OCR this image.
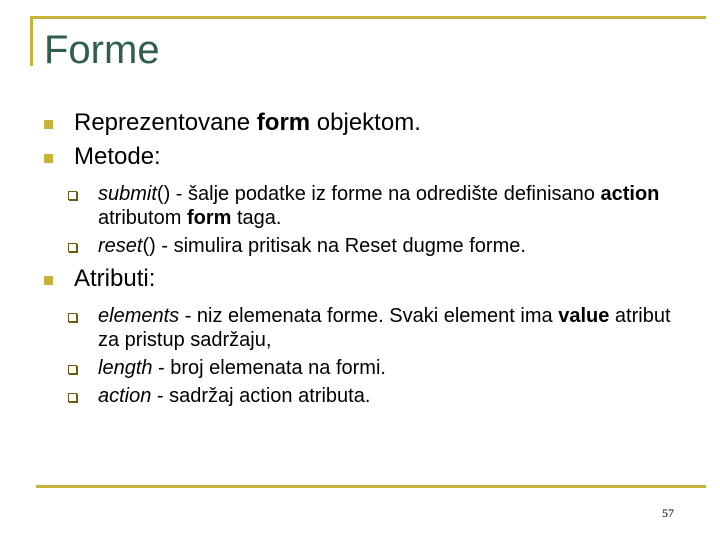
Forme
Reprezentovane form objektom.
Metode:
submit() - šalje podatke iz forme na odredište definisano action atributom form taga.
reset() - simulira pritisak na Reset dugme forme.
Atributi:
elements - niz elemenata forme. Svaki element ima value atribut za pristup sadržaju,
length - broj elemenata na formi.
action - sadržaj action atributa.
57
